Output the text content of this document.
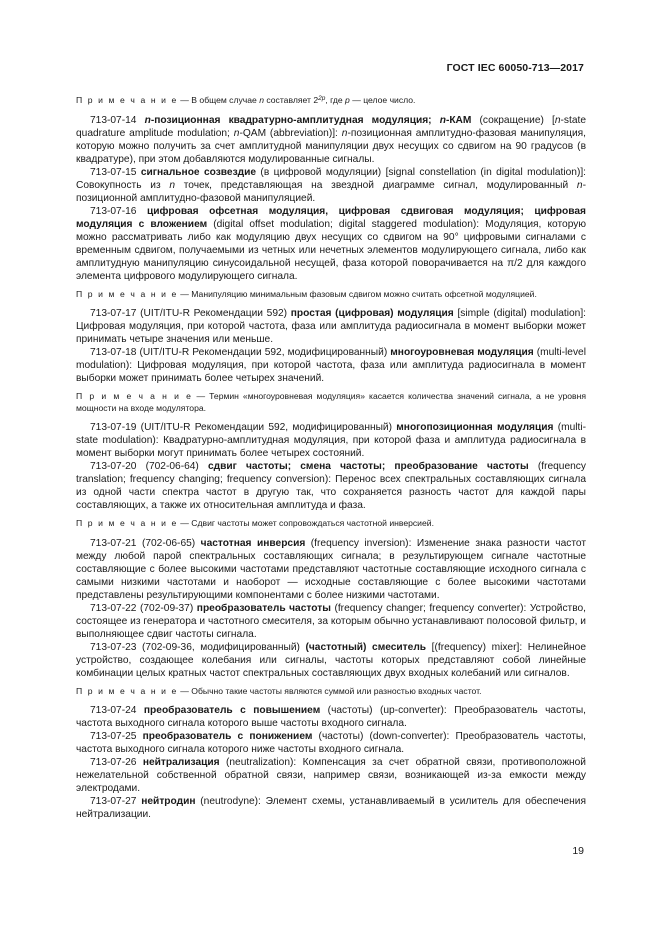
ГОСТ IEC 60050-713—2017

П р и м е ч а н и е — В общем случае n составляет $2^{2p}$, где p — целое число.

713-07-14 n-позиционная квадратурно-амплитудная модуляция; n-КАМ (сокращение) [n-state quadrature amplitude modulation; n-QAM (abbreviation)]: n-позиционная амплитудно-фазовая манипуляция, которую можно получить за счет амплитудной манипуляции двух несущих со сдвигом на 90 градусов (в квадратуре), при этом добавляются модулированные сигналы.

713-07-15 сигнальное созвездие (в цифровой модуляции) [signal constellation (in digital modulation)]: Совокупность из n точек, представляющая на звездной диаграмме сигнал, модулированный n-позиционной амплитудно-фазовой манипуляцией.

713-07-16 цифровая офсетная модуляция, цифровая сдвиговая модуляция; цифровая модуляция с вложением (digital offset modulation; digital staggered modulation): Модуляция, которую можно рассматривать либо как модуляцию двух несущих со сдвигом на 90° цифровыми сигналами с временным сдвигом, получаемыми из четных или нечетных элементов модулирующего сигнала, либо как амплитудную манипуляцию синусоидальной несущей, фаза которой поворачивается на π/2 для каждого элемента цифрового модулирующего сигнала.

П р и м е ч а н и е — Манипуляцию минимальным фазовым сдвигом можно считать офсетной модуляцией.

713-07-17 (UIT/ITU-R Рекомендации 592) простая (цифровая) модуляция [simple (digital) modulation]: Цифровая модуляция, при которой частота, фаза или амплитуда радиосигнала в момент выборки может принимать четыре значения или меньше.

713-07-18 (UIT/ITU-R Рекомендации 592, модифицированный) многоуровневая модуляция (multi-level modulation): Цифровая модуляция, при которой частота, фаза или амплитуда радиосигнала в момент выборки может принимать более четырех значений.

П р и м е ч а н и е — Термин «многоуровневая модуляция» касается количества значений сигнала, а не уровня мощности на входе модулятора.

713-07-19 (UIT/ITU-R Рекомендации 592, модифицированный) многопозиционная модуляция (multi-state modulation): Квадратурно-амплитудная модуляция, при которой фаза и амплитуда радиосигнала в момент выборки могут принимать более четырех состояний.

713-07-20 (702-06-64) сдвиг частоты; смена частоты; преобразование частоты (frequency translation; frequency changing; frequency conversion): Перенос всех спектральных составляющих сигнала из одной части спектра частот в другую так, что сохраняется разность частот для каждой пары составляющих, а также их относительная амплитуда и фаза.

П р и м е ч а н и е — Сдвиг частоты может сопровождаться частотной инверсией.

713-07-21 (702-06-65) частотная инверсия (frequency inversion): Изменение знака разности частот между любой парой спектральных составляющих сигнала; в результирующем сигнале частотные составляющие с более высокими частотами представляют частотные составляющие исходного сигнала с самыми низкими частотами и наоборот — исходные составляющие с более высокими частотами представлены результирующими компонентами с более низкими частотами.

713-07-22 (702-09-37) преобразователь частоты (frequency changer; frequency converter): Устройство, состоящее из генератора и частотного смесителя, за которым обычно устанавливают полосовой фильтр, и выполняющее сдвиг частоты сигнала.

713-07-23 (702-09-36, модифицированный) (частотный) смеситель [(frequency) mixer]: Нелинейное устройство, создающее колебания или сигналы, частоты которых представляют собой линейные комбинации целых кратных частот спектральных составляющих двух входных колебаний или сигналов.

П р и м е ч а н и е — Обычно такие частоты являются суммой или разностью входных частот.

713-07-24 преобразователь с повышением (частоты) (up-converter): Преобразователь частоты, частота выходного сигнала которого выше частоты входного сигнала.

713-07-25 преобразователь с понижением (частоты) (down-converter): Преобразователь частоты, частота выходного сигнала которого ниже частоты входного сигнала.

713-07-26 нейтрализация (neutralization): Компенсация за счет обратной связи, противоположной нежелательной собственной обратной связи, например связи, возникающей из-за емкости между электродами.

713-07-27 нейтродин (neutrodyne): Элемент схемы, устанавливаемый в усилитель для обеспечения нейтрализации.

19
